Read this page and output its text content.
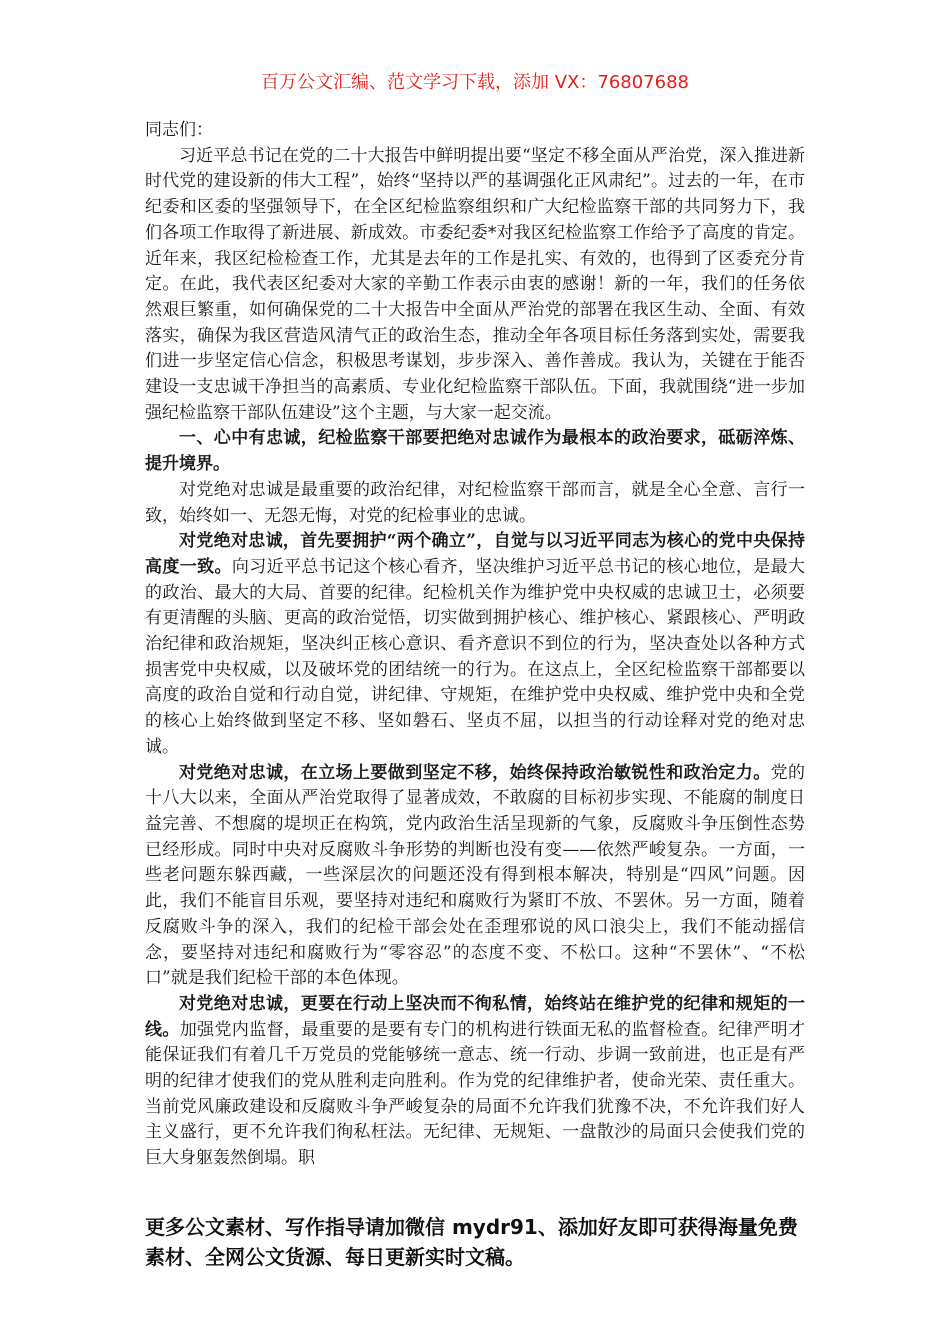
百万公文汇编、范文学习下载，添加 VX：76807688

同志们：

习近平总书记在党的二十大报告中鲜明提出要“坚定不移全面从严治党，深入推进新时代党的建设新的伟大工程”，始终“坚持以严的基调强化正风肃纪”。过去的一年，在市纪委和区委的坚强领导下，在全区纪检监察组织和广大纪检监察干部的共同努力下，我们各项工作取得了新进展、新成效。市委纪委*对我区纪检监察工作给予了高度的肯定。近年来，我区纪检检查工作，尤其是去年的工作是扎实、有效的，也得到了区委充分肯定。在此，我代表区纪委对大家的辛勤工作表示由衷的感谢！新的一年，我们的任务依然艰巨繁重，如何确保党的二十大报告中全面从严治党的部署在我区生动、全面、有效落实，确保为我区营造风清气正的政治生态，推动全年各项目标任务落到实处，需要我们进一步坚定信心信念，积极思考谋划，步步深入、善作善成。我认为，关键在于能否建设一支忠诚干净担当的高素质、专业化纪检监察干部队伍。下面，我就围绕“进一步加强纪检监察干部队伍建设”这个主题，与大家一起交流。

一、心中有忠诚，纪检监察干部要把绝对忠诚作为最根本的政治要求，砥砺淬炼、提升境界。

对党绝对忠诚是最重要的政治纪律，对纪检监察干部而言，就是全心全意、言行一致，始终如一、无怨无悔，对党的纪检事业的忠诚。

对党绝对忠诚，首先要拥护“两个确立”，自觉与以习近平同志为核心的党中央保持高度一致。向习近平总书记这个核心看齐，坚决维护习近平总书记的核心地位，是最大的政治、最大的大局、首要的纪律。纪检机关作为维护党中央权威的忠诚卫士，必须要有更清醒的头脑、更高的政治觉悟，切实做到拥护核心、维护核心、紧跟核心、严明政治纪律和政治规矩，坚决纠正核心意识、看齐意识不到位的行为，坚决查处以各种方式损害党中央权威，以及破坏党的团结统一的行为。在这点上，全区纪检监察干部都要以高度的政治自觉和行动自觉，讲纪律、守规矩，在维护党中央权威、维护党中央和全党的核心上始终做到坚定不移、坚如磐石、坚贞不屈，以担当的行动诠释对党的绝对忠诚。

对党绝对忠诚，在立场上要做到坚定不移，始终保持政治敏锐性和政治定力。党的十八大以来，全面从严治党取得了显著成效，不敢腐的目标初步实现、不能腐的制度日益完善、不想腐的堤坝正在构筑，党内政治生活呈现新的气象，反腐败斗争压倒性态势已经形成。同时中央对反腐败斗争形势的判断也没有变——依然严峻复杂。一方面，一些老问题东躲西藏，一些深层次的问题还没有得到根本解决，特别是“四风”问题。因此，我们不能盲目乐观，要坚持对违纪和腐败行为紧盯不放、不罢休。另一方面，随着反腐败斗争的深入，我们的纪检干部会处在歪理邪说的风口浪尖上，我们不能动摇信念，要坚持对违纪和腐败行为“零容忍”的态度不变、不松口。这种“不罢休”、“不松口”就是我们纪检干部的本色体现。

对党绝对忠诚，更要在行动上坚决而不徇私情，始终站在维护党的纪律和规矩的一线。加强党内监督，最重要的是要有专门的机构进行铁面无私的监督检查。纪律严明才能保证我们有着几千万党员的党能够统一意志、统一行动、步调一致前进，也正是有严明的纪律才使我们的党从胜利走向胜利。作为党的纪律维护者，使命光荣、责任重大。当前党风廉政建设和反腐败斗争严峻复杂的局面不允许我们犹豫不决，不允许我们好人主义盛行，更不允许我们徇私枉法。无纪律、无规矩、一盘散沙的局面只会使我们党的巨大身躯轰然倒塌。职

更多公文素材、写作指导请加微信 mydr91、添加好友即可获得海量免费素材、全网公文货源、每日更新实时文稿。
